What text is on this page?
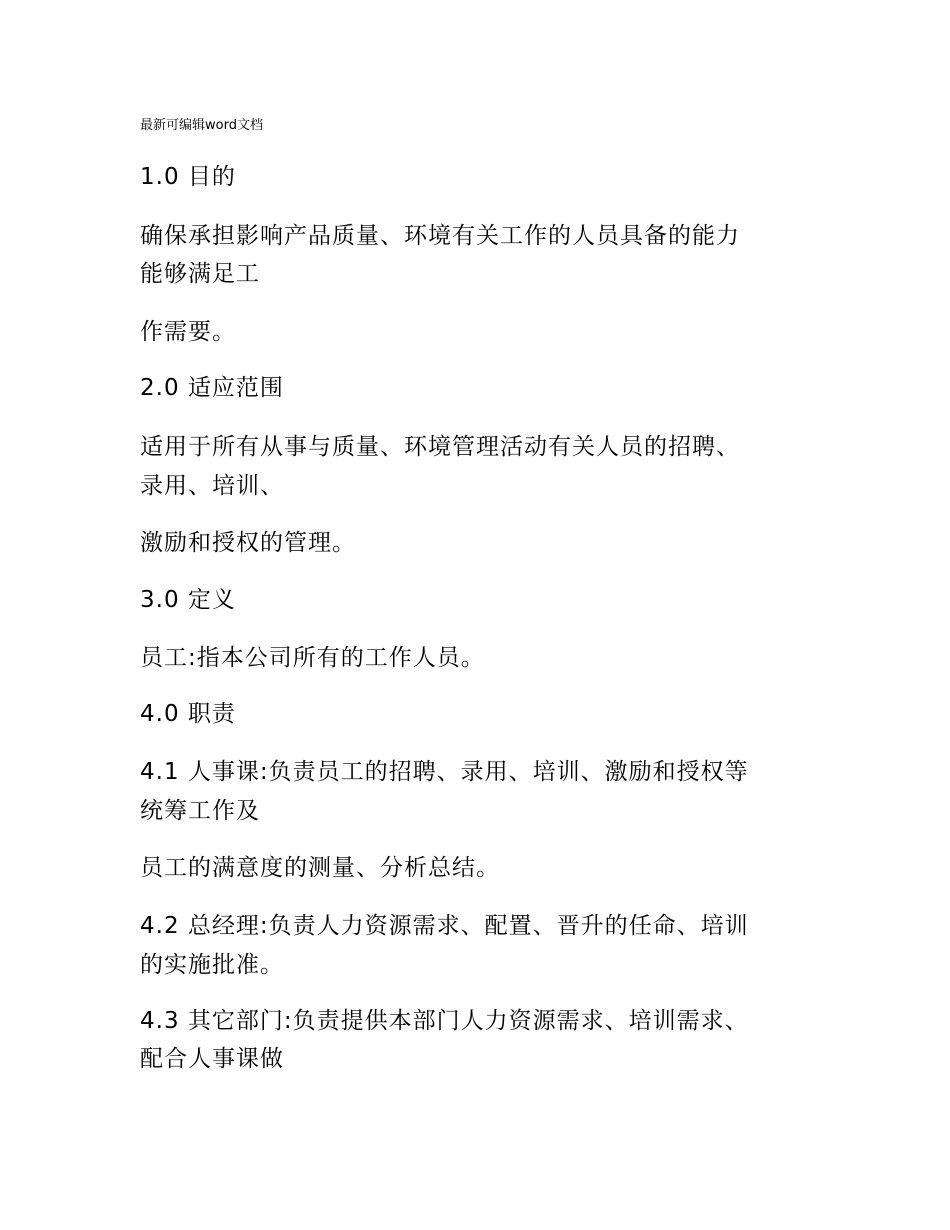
最新可编辑word文档
1.0 目的
确保承担影响产品质量、环境有关工作的人员具备的能力
能够满足工
作需要。
2.0 适应范围
适用于所有从事与质量、环境管理活动有关人员的招聘、
录用、培训、
激励和授权的管理。
3.0 定义
员工:指本公司所有的工作人员。
4.0 职责
4.1 人事课:负责员工的招聘、录用、培训、激励和授权等
统筹工作及
员工的满意度的测量、分析总结。
4.2 总经理:负责人力资源需求、配置、晋升的任命、培训
的实施批准。
4.3 其它部门:负责提供本部门人力资源需求、培训需求、
配合人事课做
